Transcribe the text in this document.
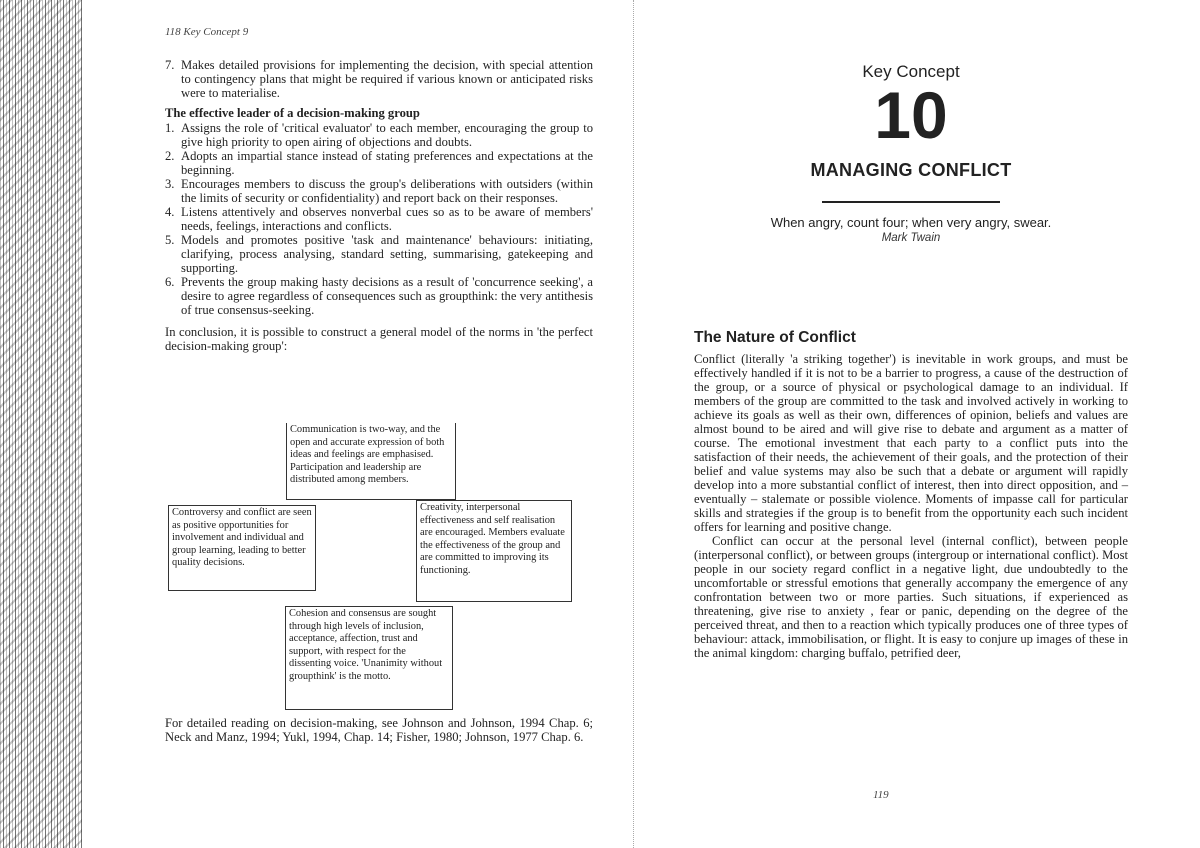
118 Key Concept 9
7. Makes detailed provisions for implementing the decision, with special attention to contingency plans that might be required if various known or anticipated risks were to materialise.
The effective leader of a decision-making group
1. Assigns the role of 'critical evaluator' to each member, encouraging the group to give high priority to open airing of objections and doubts.
2. Adopts an impartial stance instead of stating preferences and expectations at the beginning.
3. Encourages members to discuss the group's deliberations with outsiders (within the limits of security or confidentiality) and report back on their responses.
4. Listens attentively and observes nonverbal cues so as to be aware of members' needs, feelings, interactions and conflicts.
5. Models and promotes positive 'task and maintenance' behaviours: initiating, clarifying, process analysing, standard setting, summarising, gatekeeping and supporting.
6. Prevents the group making hasty decisions as a result of 'concurrence seeking', a desire to agree regardless of consequences such as groupthink: the very antithesis of true consensus-seeking.

In conclusion, it is possible to construct a general model of the norms in 'the perfect decision-making group':

Communication is two-way, and the open and accurate expression of both ideas and feelings are emphasised. Participation and leadership are distributed among members.
Controversy and conflict are seen as positive opportunities for involvement and individual and group learning, leading to better quality decisions.
Creativity, interpersonal effectiveness and self realisation are encouraged. Members evaluate the effectiveness of the group and are committed to improving its functioning.
Cohesion and consensus are sought through high levels of inclusion, acceptance, affection, trust and support, with respect for the dissenting voice. 'Unanimity without groupthink' is the motto.

For detailed reading on decision-making, see Johnson and Johnson, 1994 Chap. 6; Neck and Manz, 1994; Yukl, 1994, Chap. 14; Fisher, 1980; Johnson, 1977 Chap. 6.

Key Concept
10
MANAGING CONFLICT
When angry, count four; when very angry, swear.
Mark Twain
The Nature of Conflict

Conflict (literally 'a striking together') is inevitable in work groups, and must be effectively handled if it is not to be a barrier to progress, a cause of the destruction of the group, or a source of physical or psychological damage to an individual. If members of the group are committed to the task and involved actively in working to achieve its goals as well as their own, differences of opinion, beliefs and values are almost bound to be aired and will give rise to debate and argument as a matter of course. The emotional investment that each party to a conflict puts into the satisfaction of their needs, the achievement of their goals, and the protection of their belief and value systems may also be such that a debate or argument will rapidly develop into a more substantial conflict of interest, then into direct opposition, and – eventually – stalemate or possible violence. Moments of impasse call for particular skills and strategies if the group is to benefit from the opportunity each such incident offers for learning and positive change.

Conflict can occur at the personal level (internal conflict), between people (interpersonal conflict), or between groups (intergroup or international conflict). Most people in our society regard conflict in a negative light, due undoubtedly to the uncomfortable or stressful emotions that generally accompany the emergence of any confrontation between two or more parties. Such situations, if experienced as threatening, give rise to anxiety , fear or panic, depending on the degree of the perceived threat, and then to a reaction which typically produces one of three types of behaviour: attack, immobilisation, or flight. It is easy to conjure up images of these in the animal kingdom: charging buffalo, petrified deer,

119
